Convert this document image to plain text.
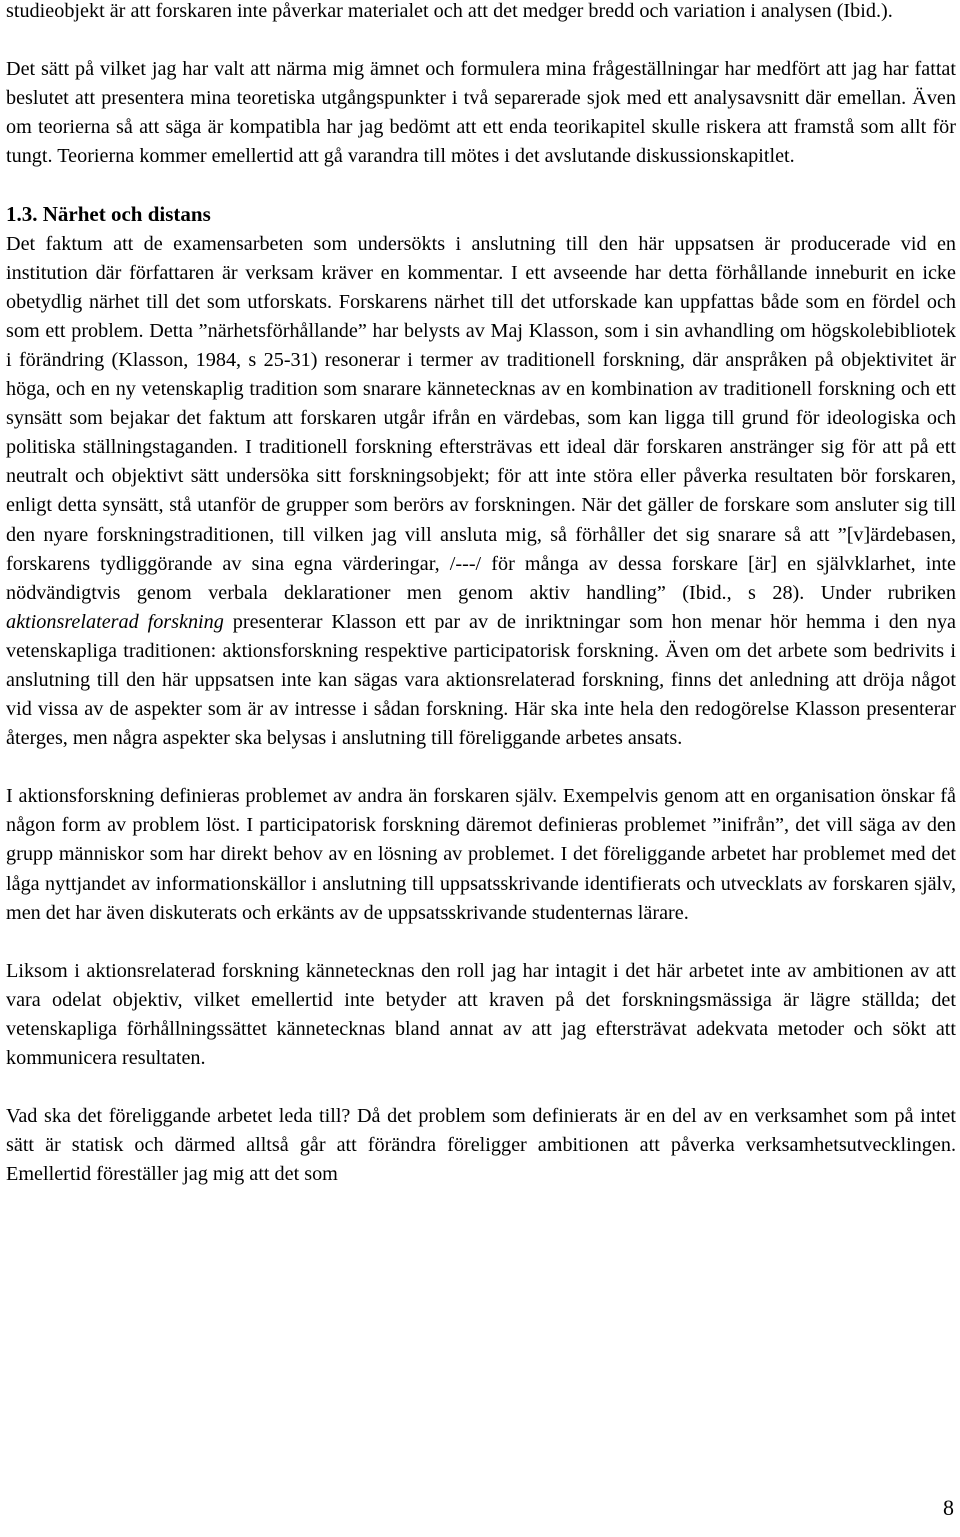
studieobjekt är att forskaren inte påverkar materialet och att det medger bredd och variation i analysen (Ibid.).

Det sätt på vilket jag har valt att närma mig ämnet och formulera mina frågeställningar har medfört att jag har fattat beslutet att presentera mina teoretiska utgångspunkter i två separerade sjok med ett analysavsnitt där emellan. Även om teorierna så att säga är kompatibla har jag bedömt att ett enda teorikapitel skulle riskera att framstå som allt för tungt. Teorierna kommer emellertid att gå varandra till mötes i det avslutande diskussionskapitlet.

1.3. Närhet och distans

Det faktum att de examensarbeten som undersökts i anslutning till den här uppsatsen är producerade vid en institution där författaren är verksam kräver en kommentar. I ett avseende har detta förhållande inneburit en icke obetydlig närhet till det som utforskats. Forskarens närhet till det utforskade kan uppfattas både som en fördel och som ett problem. Detta ”närhetsförhållande” har belysts av Maj Klasson, som i sin avhandling om högskolebibliotek i förändring (Klasson, 1984, s 25-31) resonerar i termer av traditionell forskning, där anspråken på objektivitet är höga, och en ny vetenskaplig tradition som snarare kännetecknas av en kombination av traditionell forskning och ett synsätt som bejakar det faktum att forskaren utgår ifrån en värdebas, som kan ligga till grund för ideologiska och politiska ställningstaganden. I traditionell forskning eftersträvas ett ideal där forskaren anstränger sig för att på ett neutralt och objektivt sätt undersöka sitt forskningsobjekt; för att inte störa eller påverka resultaten bör forskaren, enligt detta synsätt, stå utanför de grupper som berörs av forskningen. När det gäller de forskare som ansluter sig till den nyare forskningstraditionen, till vilken jag vill ansluta mig, så förhåller det sig snarare så att ”[v]ärdebasen, forskarens tydliggörande av sina egna värderingar, /---/ för många av dessa forskare [är] en självklarhet, inte nödvändigtvis genom verbala deklarationer men genom aktiv handling” (Ibid., s 28). Under rubriken aktionsrelaterad forskning presenterar Klasson ett par av de inriktningar som hon menar hör hemma i den nya vetenskapliga traditionen: aktionsforskning respektive participatorisk forskning. Även om det arbete som bedrivits i anslutning till den här uppsatsen inte kan sägas vara aktionsrelaterad forskning, finns det anledning att dröja något vid vissa av de aspekter som är av intresse i sådan forskning. Här ska inte hela den redogörelse Klasson presenterar återges, men några aspekter ska belysas i anslutning till föreliggande arbetes ansats.

I aktionsforskning definieras problemet av andra än forskaren själv. Exempelvis genom att en organisation önskar få någon form av problem löst. I participatorisk forskning däremot definieras problemet ”inifrån”, det vill säga av den grupp människor som har direkt behov av en lösning av problemet. I det föreliggande arbetet har problemet med det låga nyttjandet av informationskällor i anslutning till uppsatsskrivande identifierats och utvecklats av forskaren själv, men det har även diskuterats och erkänts av de uppsatsskrivande studenternas lärare.

Liksom i aktionsrelaterad forskning kännetecknas den roll jag har intagit i det här arbetet inte av ambitionen av att vara odelat objektiv, vilket emellertid inte betyder att kraven på det forskningsmässiga är lägre ställda; det vetenskapliga förhållningssättet kännetecknas bland annat av att jag eftersträvat adekvata metoder och sökt att kommunicera resultaten.

Vad ska det föreliggande arbetet leda till? Då det problem som definierats är en del av en verksamhet som på intet sätt är statisk och därmed alltså går att förändra föreligger ambitionen att påverka verksamhetsutvecklingen. Emellertid föreställer jag mig att det som

8
